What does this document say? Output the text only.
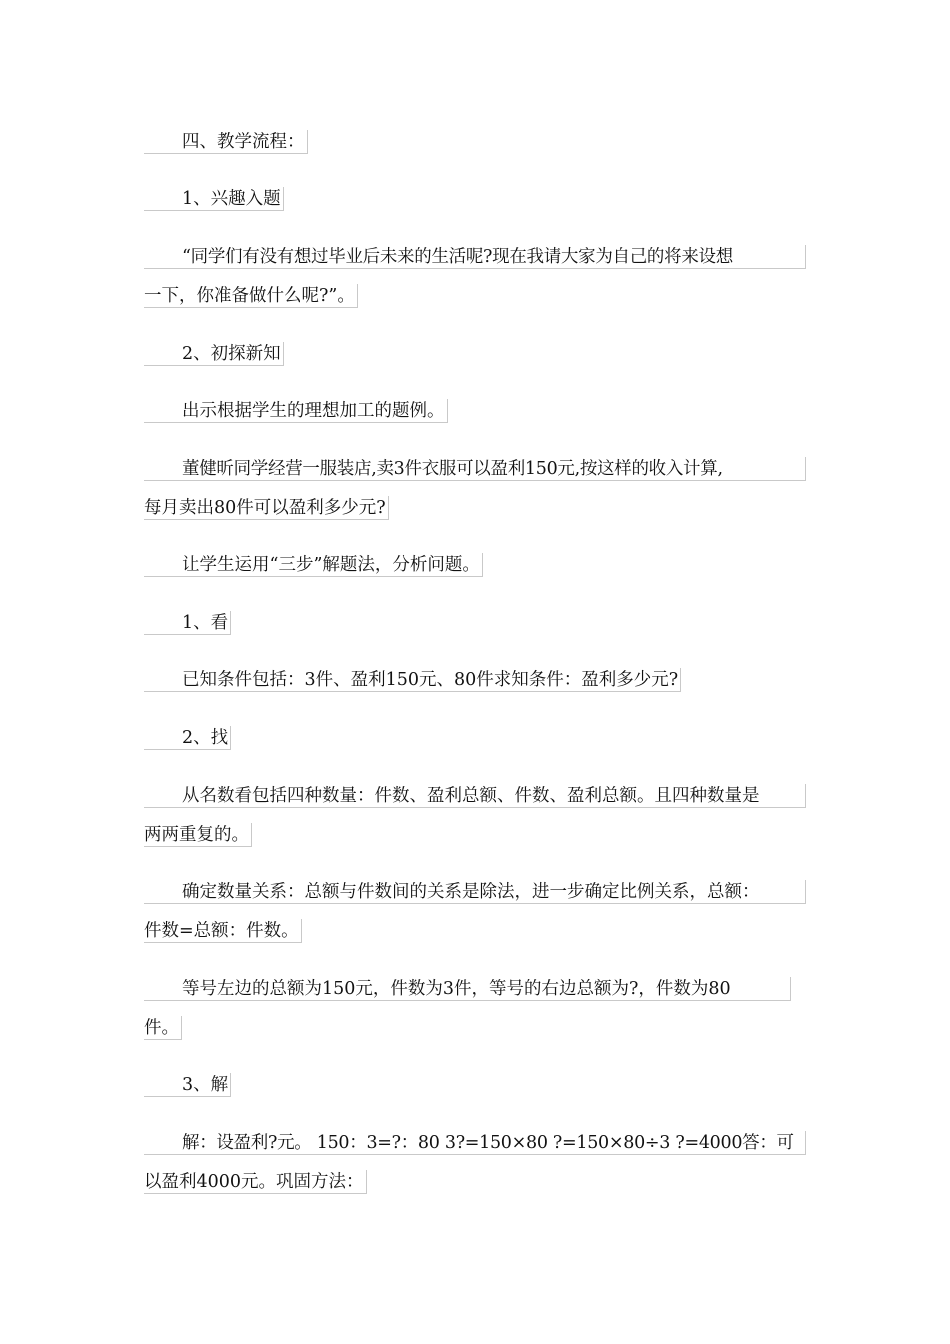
四、教学流程：
1、兴趣入题
“同学们有没有想过毕业后未来的生活呢?现在我请大家为自己的将来设想
一下，你准备做什么呢?”。
2、初探新知
出示根据学生的理想加工的题例。
董健昕同学经营一服装店,卖3件衣服可以盈利150元,按这样的收入计算,
每月卖出80件可以盈利多少元?
让学生运用“三步”解题法，分析问题。
1、看
已知条件包括：3件、盈利150元、80件求知条件：盈利多少元?
2、找
从名数看包括四种数量：件数、盈利总额、件数、盈利总额。且四种数量是
两两重复的。
确定数量关系：总额与件数间的关系是除法，进一步确定比例关系，总额：
件数=总额：件数。
等号左边的总额为150元，件数为3件，等号的右边总额为?，件数为80
件。
3、解
解：设盈利?元。 150：3=?：80 3?=150×80 ?=150×80÷3 ?=4000答：可
以盈利4000元。巩固方法：
